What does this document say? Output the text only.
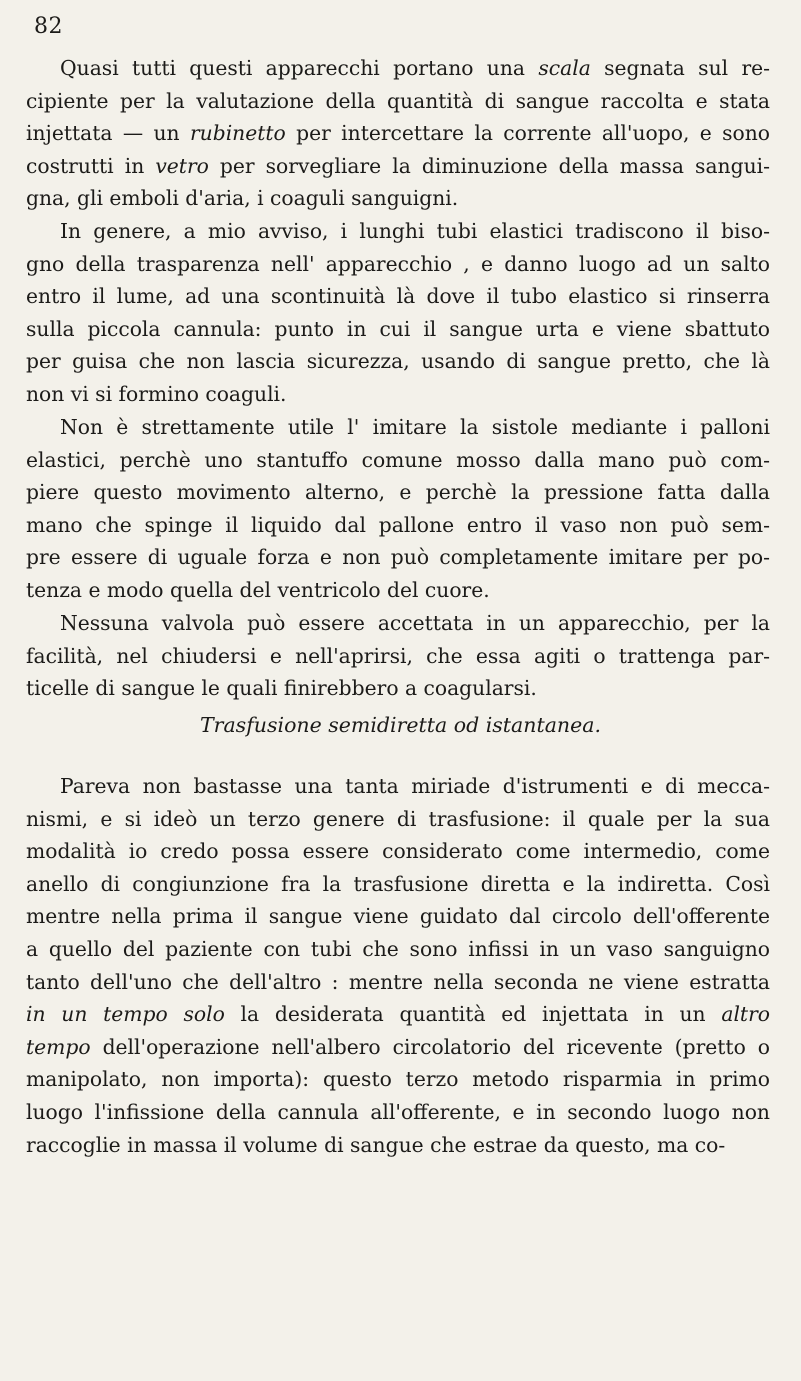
82
Quasi tutti questi apparecchi portano una scala segnata sul re-
cipiente per la valutazione della quantità di sangue raccolta e stata
injettata — un rubinetto per intercettare la corrente all'uopo, e sono
costrutti in vetro per sorvegliare la diminuzione della massa sangui-
gna, gli emboli d'aria, i coaguli sanguigni.
In genere, a mio avviso, i lunghi tubi elastici tradiscono il biso-
gno della trasparenza nell' apparecchio , e danno luogo ad un salto
entro il lume, ad una scontinuità là dove il tubo elastico si rinserra
sulla piccola cannula: punto in cui il sangue urta e viene sbattuto
per guisa che non lascia sicurezza, usando di sangue pretto, che là
non vi si formino coaguli.
Non è strettamente utile l' imitare la sistole mediante i palloni
elastici, perchè uno stantuffo comune mosso dalla mano può com-
piere questo movimento alterno, e perchè la pressione fatta dalla
mano che spinge il liquido dal pallone entro il vaso non può sem-
pre essere di uguale forza e non può completamente imitare per po-
tenza e modo quella del ventricolo del cuore.
Nessuna valvola può essere accettata in un apparecchio, per la
facilità, nel chiudersi e nell'aprirsi, che essa agiti o trattenga par-
ticelle di sangue le quali finirebbero a coagularsi.
Trasfusione semidiretta od istantanea.
Pareva non bastasse una tanta miriade d'istrumenti e di mecca-
nismi, e si ideò un terzo genere di trasfusione: il quale per la sua
modalità io credo possa essere considerato come intermedio, come
anello di congiunzione fra la trasfusione diretta e la indiretta. Così
mentre nella prima il sangue viene guidato dal circolo dell'offerente
a quello del paziente con tubi che sono infissi in un vaso sanguigno
tanto dell'uno che dell'altro : mentre nella seconda ne viene estratta
in un tempo solo la desiderata quantità ed injettata in un altro
tempo dell'operazione nell'albero circolatorio del ricevente (pretto o
manipolato, non importa): questo terzo metodo risparmia in primo
luogo l'infissione della cannula all'offerente, e in secondo luogo non
raccoglie in massa il volume di sangue che estrae da questo, ma co-
